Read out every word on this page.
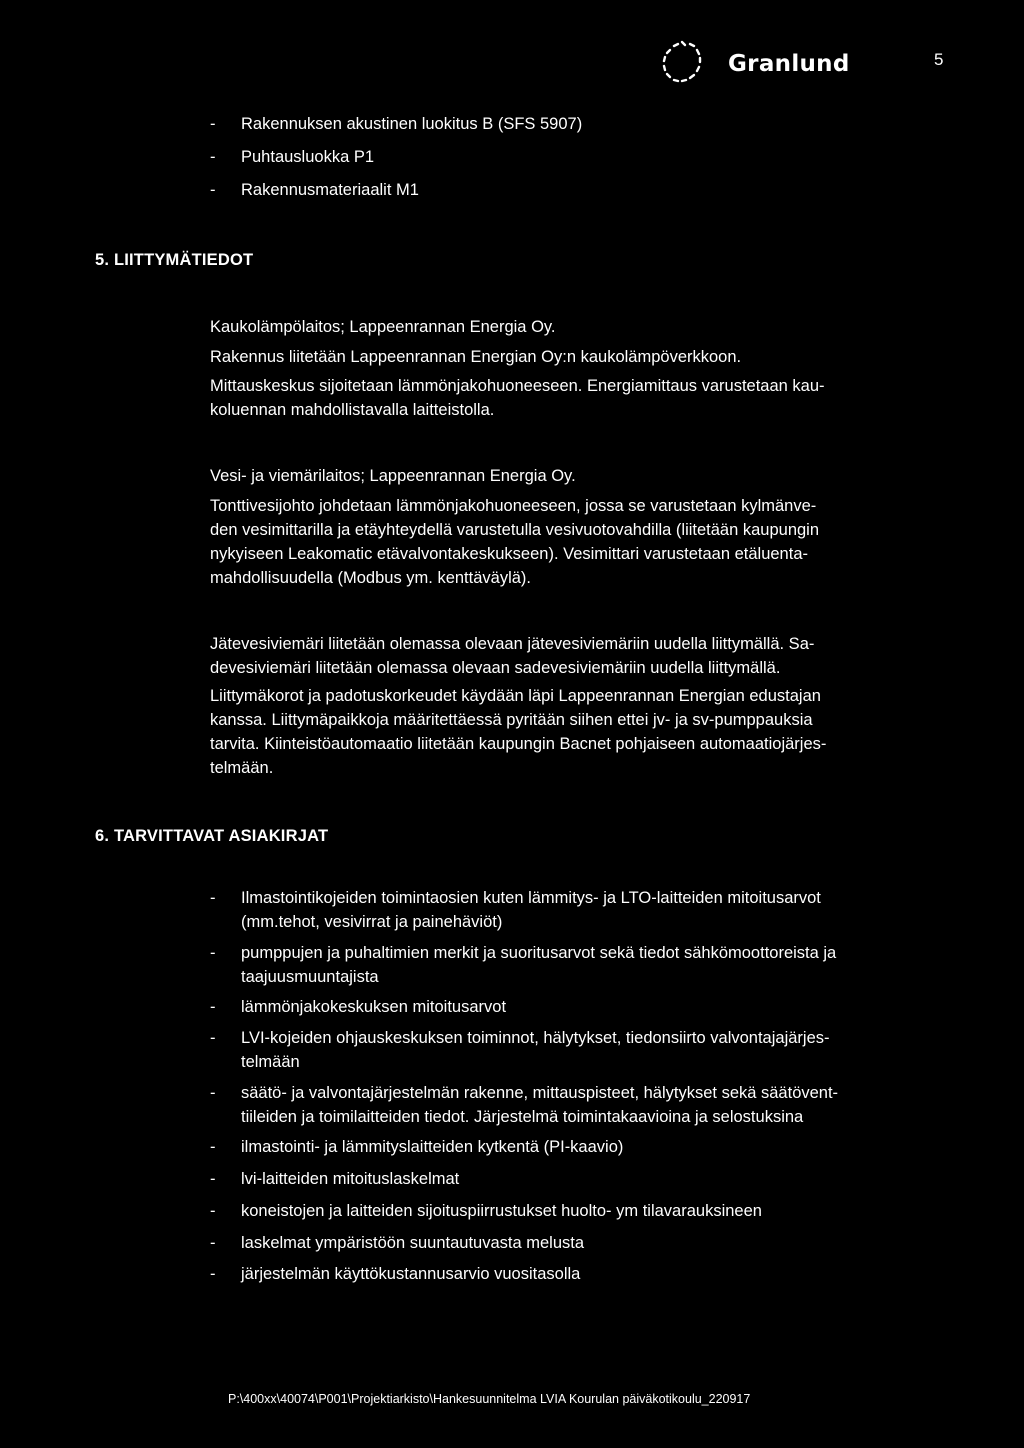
Granlund	5
- Rakennuksen akustinen luokitus B (SFS 5907)
- Puhtausluokka P1
- Rakennusmateriaalit M1
5. LIITTYMÄTIEDOT
Kaukolämpölaitos; Lappeenrannan Energia Oy.
Rakennus liitetään Lappeenrannan Energian Oy:n kaukolämpöverkkoon.
Mittauskeskus sijoitetaan lämmönjakohuoneeseen. Energiamittaus varustetaan kau-
koluennan mahdollistavalla laitteistolla.
Vesi- ja viemärilaitos; Lappeenrannan Energia Oy.
Tonttivesijohto johdetaan lämmönjakohuoneeseen, jossa se varustetaan kylmänve-
den vesimittarilla ja etäyhteydellä varustetulla vesivuotovahdilla (liitetään kaupungin
nykyiseen Leakomatic etävalvontakeskukseen). Vesimittari varustetaan etäluenta-
mahdollisuudella (Modbus ym. kenttäväylä).
Jätevesiviemäri liitetään olemassa olevaan jätevesiviemäriin uudella liittymällä. Sa-
devesiviemäri liitetään olemassa olevaan sadevesiviemäriin uudella liittymällä.
Liittymäkorot ja padotuskorkeudet käydään läpi Lappeenrannan Energian edustajan
kanssa. Liittymäpaikkoja määritettäessä pyritään siihen ettei jv- ja sv-pumppauksia
tarvita. Kiinteistöautomaatio liitetään kaupungin Bacnet pohjaiseen automaatiojärjes-
telmään.
6. TARVITTAVAT ASIAKIRJAT
- Ilmastointikojeiden toimintaosien kuten lämmitys- ja LTO-laitteiden mitoitusarvot
(mm.tehot, vesivirrat ja painehäviöt)
- pumppujen ja puhaltimien merkit ja suoritusarvot sekä tiedot sähkömoottoreista ja
taajuusmuuntajista
- lämmönjakokeskuksen mitoitusarvot
- LVI-kojeiden ohjauskeskuksen toiminnot, hälytykset, tiedonsiirto valvontajajärjes-
telmään
- säätö- ja valvontajärjestelmän rakenne, mittauspisteet, hälytykset sekä säätövent-
tiileiden ja toimilaitteiden tiedot. Järjestelmä toimintakaavioina ja selostuksina
- ilmastointi- ja lämmityslaitteiden kytkentä (PI-kaavio)
- lvi-laitteiden mitoituslaskelmat
- koneistojen ja laitteiden sijoituspiirrustukset huolto- ym tilavarauksineen
- laskelmat ympäristöön suuntautuvasta melusta
- järjestelmän käyttökustannusarvio vuositasolla
P:\400xx\40074\P001\Projektiarkisto\Hankesuunnitelma LVIA Kourulan päiväkotikoulu_220917
